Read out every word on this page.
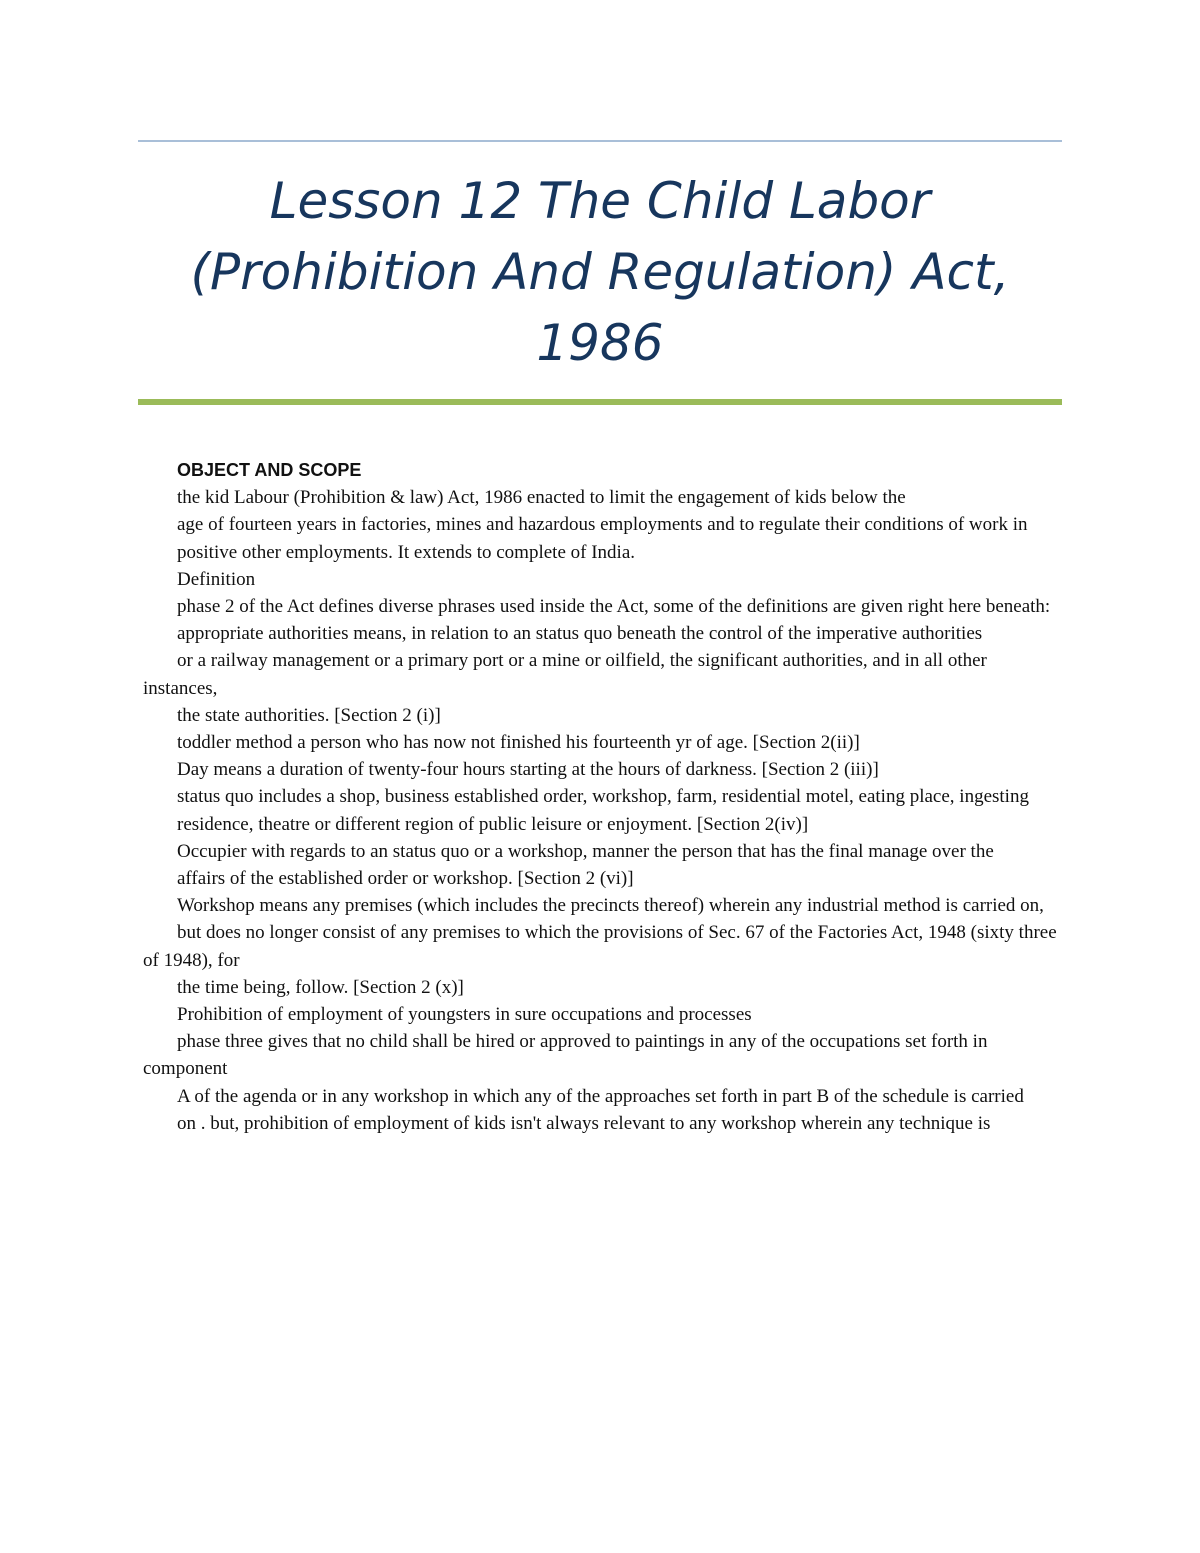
Lesson 12 The Child Labor (Prohibition And Regulation) Act, 1986

OBJECT AND SCOPE

the kid Labour (Prohibition & law) Act, 1986 enacted to limit the engagement of kids below the

age of fourteen years in factories, mines and hazardous employments and to regulate their conditions of work in

positive other employments. It extends to complete of India.

Definition

phase 2 of the Act defines diverse phrases used inside the Act, some of the definitions are given right here beneath:

appropriate authorities means, in relation to an status quo beneath the control of the imperative authorities

or a railway management or a primary port or a mine or oilfield, the significant authorities, and in all other instances,

the state authorities. [Section 2 (i)]

toddler method a person who has now not finished his fourteenth yr of age. [Section 2(ii)]

Day means a duration of twenty-four hours starting at the hours of darkness. [Section 2 (iii)]

status quo includes a shop, business established order, workshop, farm, residential motel, eating place, ingesting

residence, theatre or different region of public leisure or enjoyment. [Section 2(iv)]

Occupier with regards to an status quo or a workshop, manner the person that has the final manage over the

affairs of the established order or workshop. [Section 2 (vi)]

Workshop means any premises (which includes the precincts thereof) wherein any industrial method is carried on,

but does no longer consist of any premises to which the provisions of Sec. 67 of the Factories Act, 1948 (sixty three of 1948), for

the time being, follow. [Section 2 (x)]

Prohibition of employment of youngsters in sure occupations and processes

phase three gives that no child shall be hired or approved to paintings in any of the occupations set forth in component

A of the agenda or in any workshop in which any of the approaches set forth in part B of the schedule is carried

on . but, prohibition of employment of kids isn't always relevant to any workshop wherein any technique is
